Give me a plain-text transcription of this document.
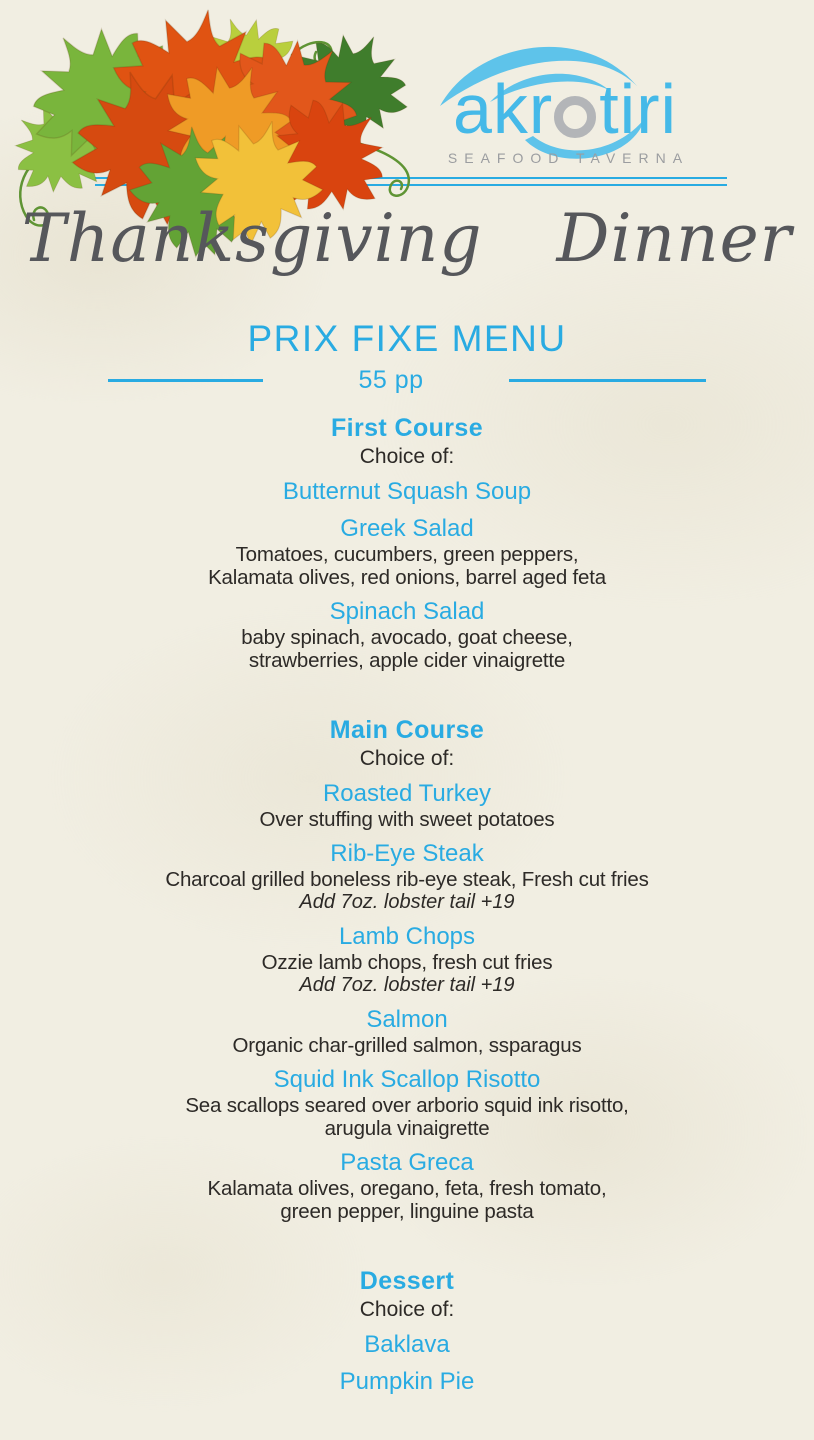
akr tiri
SEAFOOD TAVERNA
Thanksgiving Dinner
PRIX FIXE MENU
55 pp
First Course
Choice of:
Butternut Squash Soup
Greek Salad
Tomatoes, cucumbers, green peppers,
Kalamata olives, red onions, barrel aged feta
Spinach Salad
baby spinach, avocado, goat cheese,
strawberries, apple cider vinaigrette
Main Course
Choice of:
Roasted Turkey
Over stuffing with sweet potatoes
Rib-Eye Steak
Charcoal grilled boneless rib-eye steak, Fresh cut fries
Add 7oz. lobster tail +19
Lamb Chops
Ozzie lamb chops, fresh cut fries
Add 7oz. lobster tail +19
Salmon
Organic char-grilled salmon, ssparagus
Squid Ink Scallop Risotto
Sea scallops seared over arborio squid ink risotto,
arugula vinaigrette
Pasta Greca
Kalamata olives, oregano, feta, fresh tomato,
green pepper, linguine pasta
Dessert
Choice of:
Baklava
Pumpkin Pie
